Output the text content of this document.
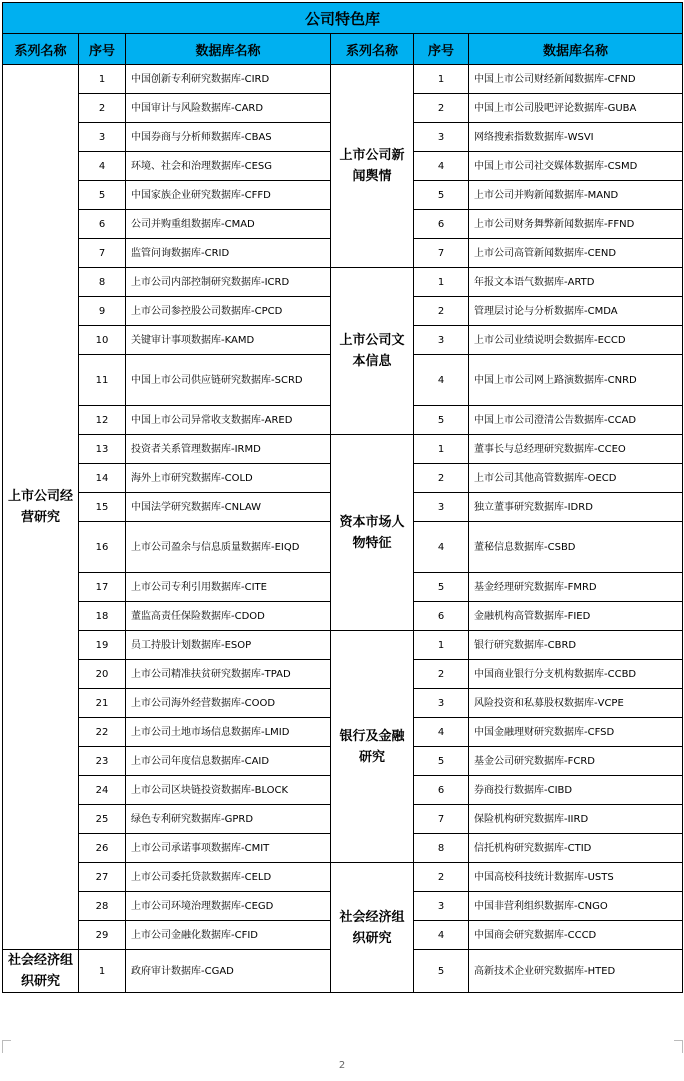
公司特色库					
系列名称	序号	数据库名称	系列名称	序号	数据库名称
上市公司经营研究	1	中国创新专利研究数据库-CIRD	上市公司新闻舆情	1	中国上市公司财经新闻数据库-CFND
	2	中国审计与风险数据库-CARD		2	中国上市公司股吧评论数据库-GUBA
	3	中国券商与分析师数据库-CBAS		3	网络搜索指数数据库-WSVI
	4	环境、社会和治理数据库-CESG		4	中国上市公司社交媒体数据库-CSMD
	5	中国家族企业研究数据库-CFFD		5	上市公司并购新闻数据库-MAND
	6	公司并购重组数据库-CMAD		6	上市公司财务舞弊新闻数据库-FFND
	7	监管问询数据库-CRID		7	上市公司高管新闻数据库-CEND
	8	上市公司内部控制研究数据库-ICRD	上市公司文本信息	1	年报文本语气数据库-ARTD
	9	上市公司参控股公司数据库-CPCD		2	管理层讨论与分析数据库-CMDA
	10	关键审计事项数据库-KAMD		3	上市公司业绩说明会数据库-ECCD
	11	中国上市公司供应链研究数据库-SCRD		4	中国上市公司网上路演数据库-CNRD
	12	中国上市公司异常收支数据库-ARED		5	中国上市公司澄清公告数据库-CCAD
	13	投资者关系管理数据库-IRMD	资本市场人物特征	1	董事长与总经理研究数据库-CCEO
	14	海外上市研究数据库-COLD		2	上市公司其他高管数据库-OECD
	15	中国法学研究数据库-CNLAW		3	独立董事研究数据库-IDRD
	16	上市公司盈余与信息质量数据库-EIQD		4	董秘信息数据库-CSBD
	17	上市公司专利引用数据库-CITE		5	基金经理研究数据库-FMRD
	18	董监高责任保险数据库-CDOD		6	金融机构高管数据库-FIED
	19	员工持股计划数据库-ESOP	银行及金融研究	1	银行研究数据库-CBRD
	20	上市公司精准扶贫研究数据库-TPAD		2	中国商业银行分支机构数据库-CCBD
	21	上市公司海外经营数据库-COOD		3	风险投资和私募股权数据库-VCPE
	22	上市公司土地市场信息数据库-LMID		4	中国金融理财研究数据库-CFSD
	23	上市公司年度信息数据库-CAID		5	基金公司研究数据库-FCRD
	24	上市公司区块链投资数据库-BLOCK		6	券商投行数据库-CIBD
	25	绿色专利研究数据库-GPRD		7	保险机构研究数据库-IIRD
	26	上市公司承诺事项数据库-CMIT		8	信托机构研究数据库-CTID
	27	上市公司委托贷款数据库-CELD	社会经济组织研究	2	中国高校科技统计数据库-USTS
	28	上市公司环境治理数据库-CEGD		3	中国非营利组织数据库-CNGO
	29	上市公司金融化数据库-CFID		4	中国商会研究数据库-CCCD
社会经济组织研究	1	政府审计数据库-CGAD		5	高新技术企业研究数据库-HTED
2
